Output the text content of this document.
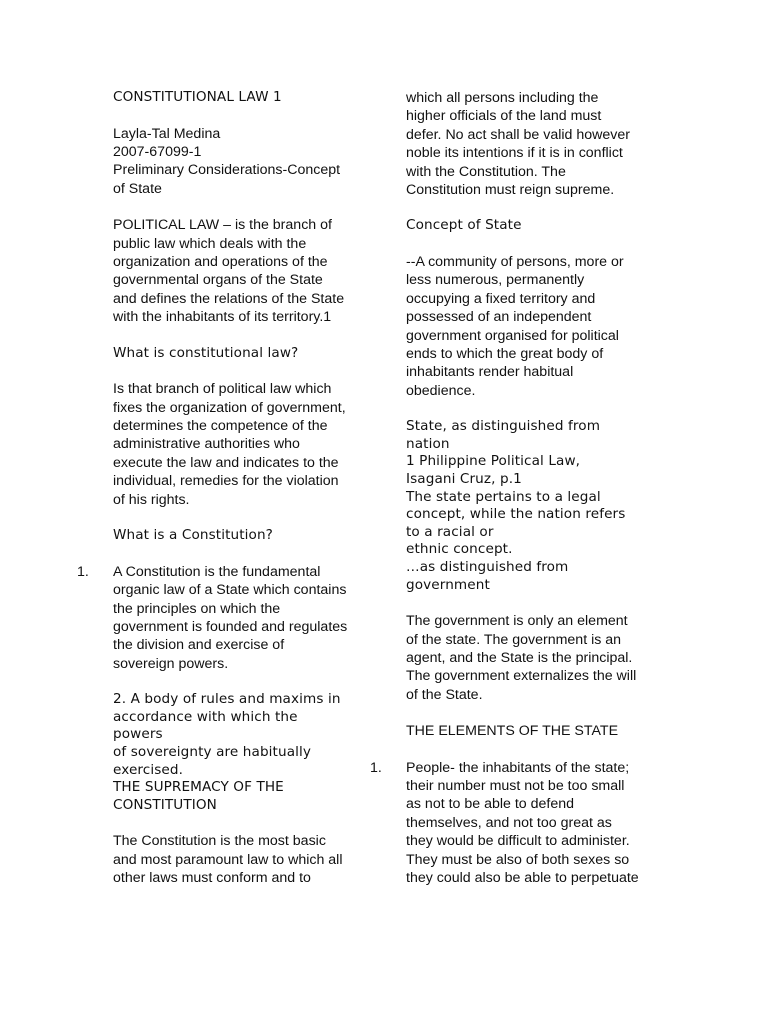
CONSTITUTIONAL LAW 1

Layla-Tal Medina

2007-67099-1

Preliminary Considerations-Concept

of State

POLITICAL LAW – is the branch of

public law which deals with the

organization and operations of the

governmental organs of the State

and defines the relations of the State

with the inhabitants of its territory.1

What is constitutional law?

Is that branch of political law which

fixes the organization of government,

determines the competence of the

administrative authorities who

execute the law and indicates to the

individual, remedies for the violation

of his rights.

What is a Constitution?

1. A Constitution is the fundamental

organic law of a State which contains

the principles on which the

government is founded and regulates

the division and exercise of

sovereign powers.

2. A body of rules and maxims in

accordance with which the

powers

of sovereignty are habitually

exercised.

THE SUPREMACY OF THE

CONSTITUTION

The Constitution is the most basic

and most paramount law to which all

other laws must conform and to

which all persons including the

higher officials of the land must

defer. No act shall be valid however

noble its intentions if it is in conflict

with the Constitution. The

Constitution must reign supreme.

Concept of State

--A community of persons, more or

less numerous, permanently

occupying a fixed territory and

possessed of an independent

government organised for political

ends to which the great body of

inhabitants render habitual

obedience.

State, as distinguished from

nation

1 Philippine Political Law,

Isagani Cruz, p.1

The state pertains to a legal

concept, while the nation refers

to a racial or

ethnic concept.

…as distinguished from

government

The government is only an element

of the state. The government is an

agent, and the State is the principal.

The government externalizes the will

of the State.

THE ELEMENTS OF THE STATE

1. People- the inhabitants of the state;

their number must not be too small

as not to be able to defend

themselves, and not too great as

they would be difficult to administer.

They must be also of both sexes so

they could also be able to perpetuate
